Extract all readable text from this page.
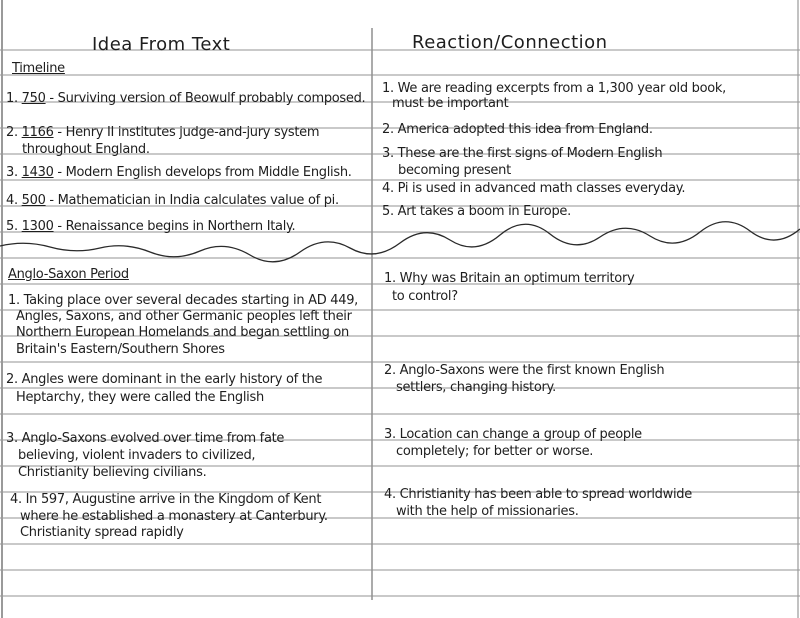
Idea From Text	Reaction/Connection
Timeline
1. 750 - Surviving version of Beowulf probably composed.
2. 1166 - Henry II institutes judge-and-jury system
throughout England.
3. 1430 - Modern English develops from Middle English.
4. 500 - Mathematician in India calculates value of pi.
5. 1300 - Renaissance begins in Northern Italy.
1. We are reading excerpts from a 1,300 year old book,
must be important
2. America adopted this idea from England.
3. These are the first signs of Modern English
becoming present
4. Pi is used in advanced math classes everyday.
5. Art takes a boom in Europe.
Anglo-Saxon Period
1. Taking place over several decades starting in AD 449,
Angles, Saxons, and other Germanic peoples left their
Northern European Homelands and began settling on
Britain's Eastern/Southern Shores
2. Angles were dominant in the early history of the
Heptarchy, they were called the English
3. Anglo-Saxons evolved over time from fate
believing, violent invaders to civilized,
Christianity believing civilians.
4. In 597, Augustine arrive in the Kingdom of Kent
where he established a monastery at Canterbury.
Christianity spread rapidly
1. Why was Britain an optimum territory
to control?
2. Anglo-Saxons were the first known English
settlers, changing history.
3. Location can change a group of people
completely; for better or worse.
4. Christianity has been able to spread worldwide
with the help of missionaries.
